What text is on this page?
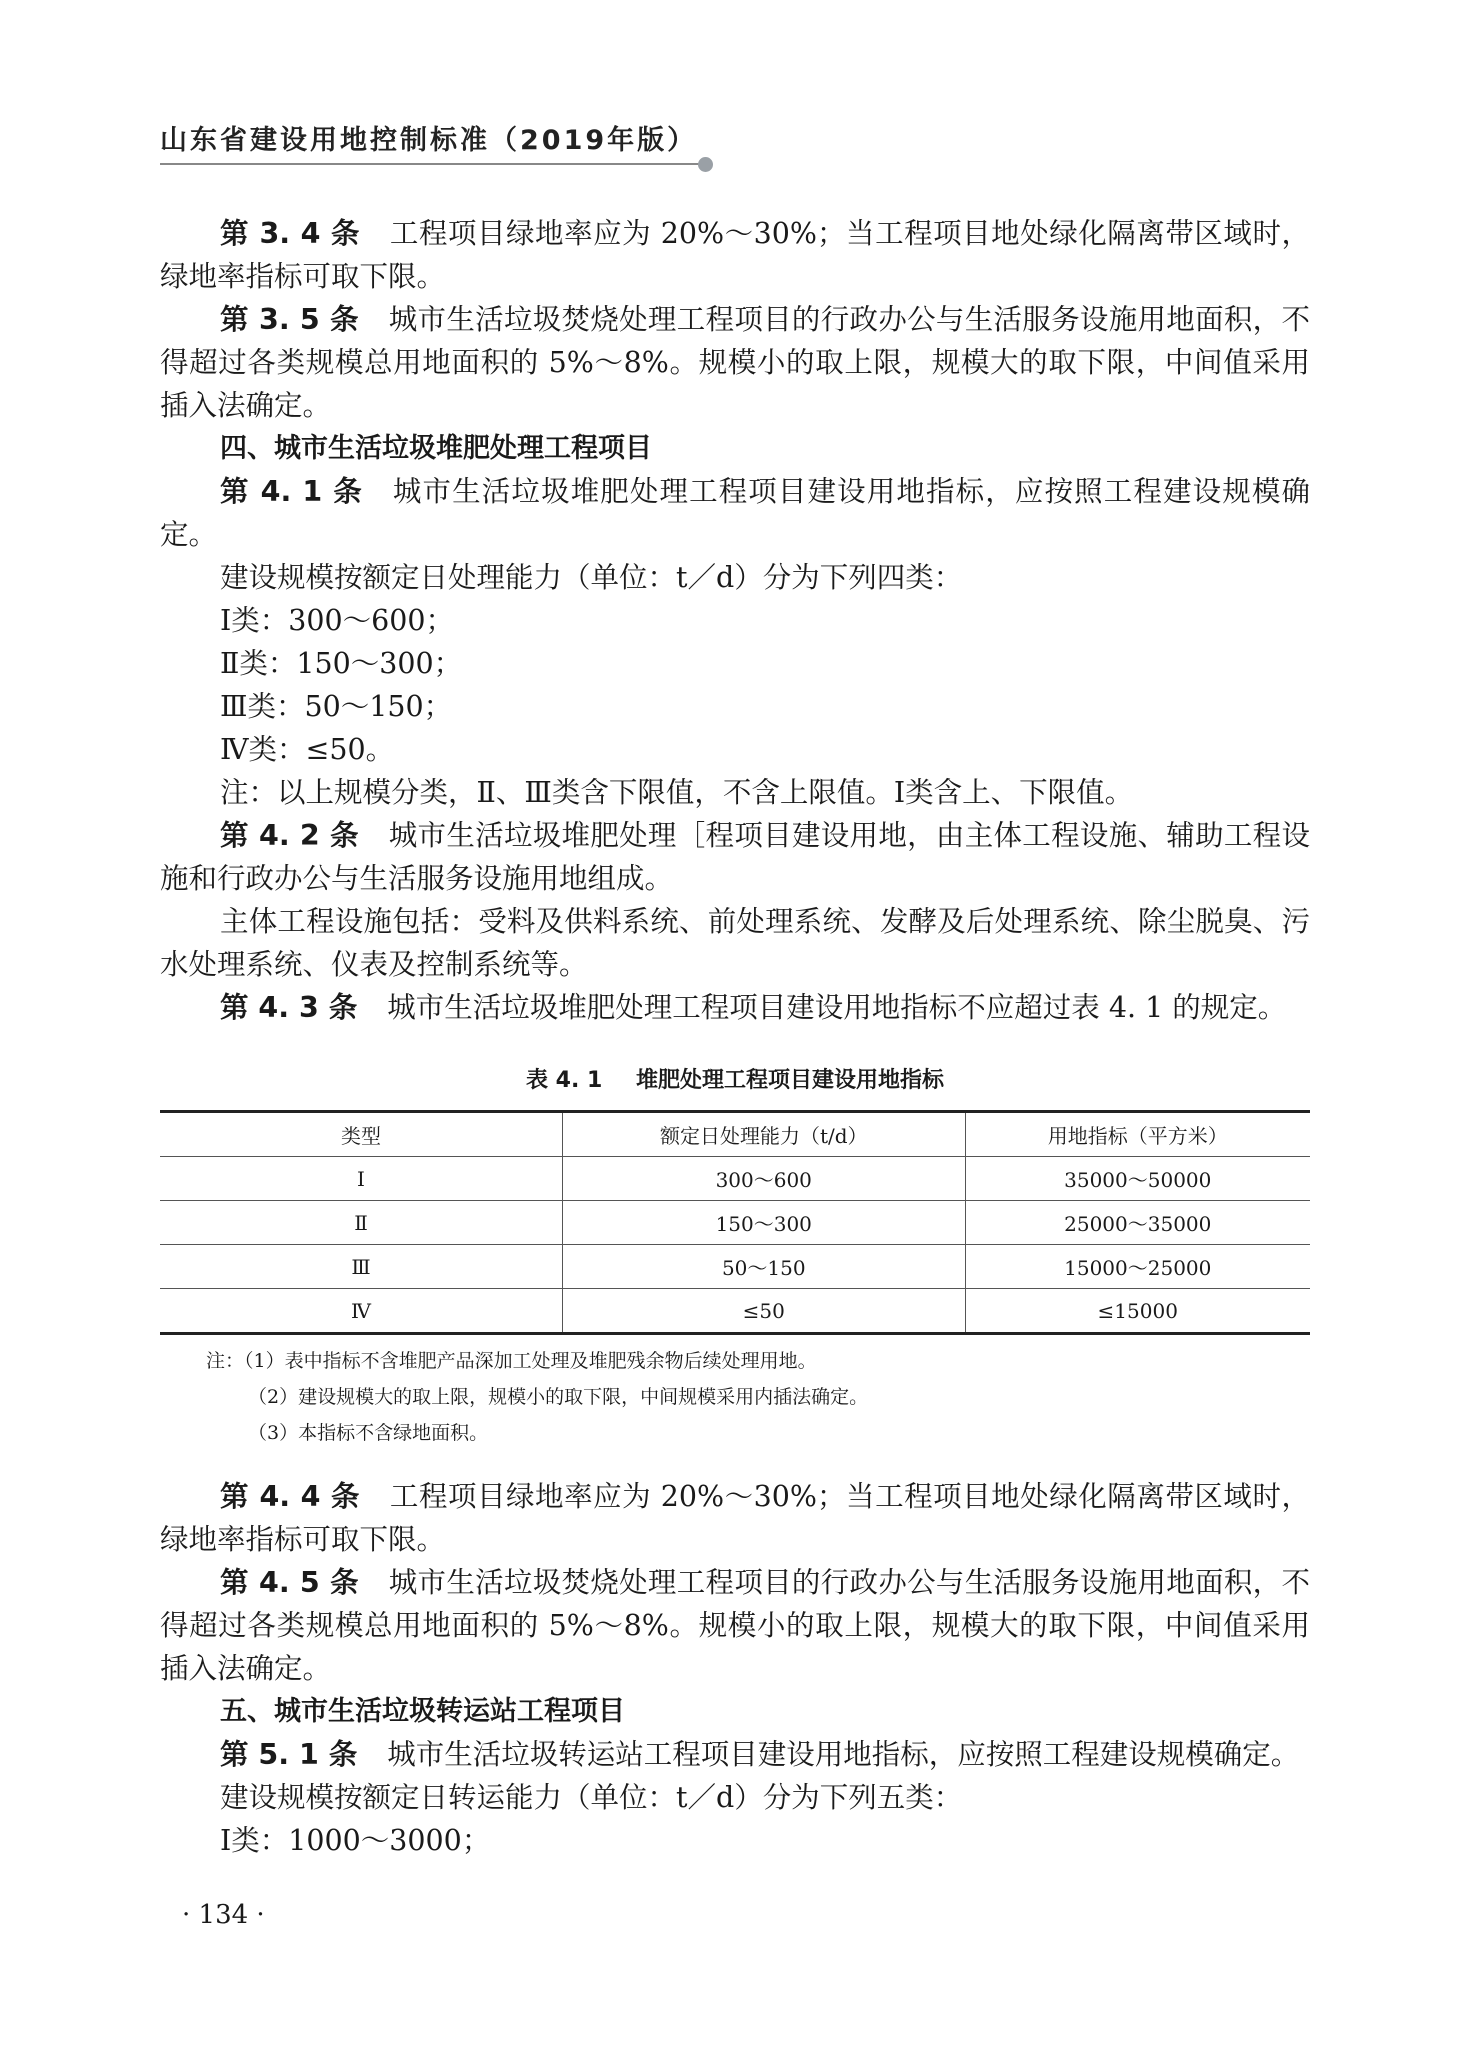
山东省建设用地控制标准（2019年版）

第 3. 4 条 工程项目绿地率应为 20%～30%；当工程项目地处绿化隔离带区域时，绿地率指标可取下限。

第 3. 5 条 城市生活垃圾焚烧处理工程项目的行政办公与生活服务设施用地面积，不得超过各类规模总用地面积的 5%～8%。规模小的取上限，规模大的取下限，中间值采用插入法确定。

四、城市生活垃圾堆肥处理工程项目

第 4. 1 条 城市生活垃圾堆肥处理工程项目建设用地指标，应按照工程建设规模确定。

建设规模按额定日处理能力（单位：t／d）分为下列四类：

Ⅰ类：300～600；

Ⅱ类：150～300；

Ⅲ类：50～150；

Ⅳ类：≤50。

注：以上规模分类，Ⅱ、Ⅲ类含下限值，不含上限值。Ⅰ类含上、下限值。

第 4. 2 条 城市生活垃圾堆肥处理［程项目建设用地，由主体工程设施、辅助工程设施和行政办公与生活服务设施用地组成。

主体工程设施包括：受料及供料系统、前处理系统、发酵及后处理系统、除尘脱臭、污水处理系统、仪表及控制系统等。

第 4. 3 条 城市生活垃圾堆肥处理工程项目建设用地指标不应超过表 4. 1 的规定。

表 4. 1 堆肥处理工程项目建设用地指标
类型	额定日处理能力（t/d）	用地指标（平方米）
Ⅰ	300～600	35000～50000
Ⅱ	150～300	25000～35000
Ⅲ	50～150	15000～25000
Ⅳ	≤50	≤15000
注：（1）表中指标不含堆肥产品深加工处理及堆肥残余物后续处理用地。
（2）建设规模大的取上限，规模小的取下限，中间规模采用内插法确定。
（3）本指标不含绿地面积。

第 4. 4 条 工程项目绿地率应为 20%～30%；当工程项目地处绿化隔离带区域时，绿地率指标可取下限。

第 4. 5 条 城市生活垃圾焚烧处理工程项目的行政办公与生活服务设施用地面积，不得超过各类规模总用地面积的 5%～8%。规模小的取上限，规模大的取下限，中间值采用插入法确定。

五、城市生活垃圾转运站工程项目

第 5. 1 条 城市生活垃圾转运站工程项目建设用地指标，应按照工程建设规模确定。

建设规模按额定日转运能力（单位：t／d）分为下列五类：

Ⅰ类：1000～3000；

· 134 ·
